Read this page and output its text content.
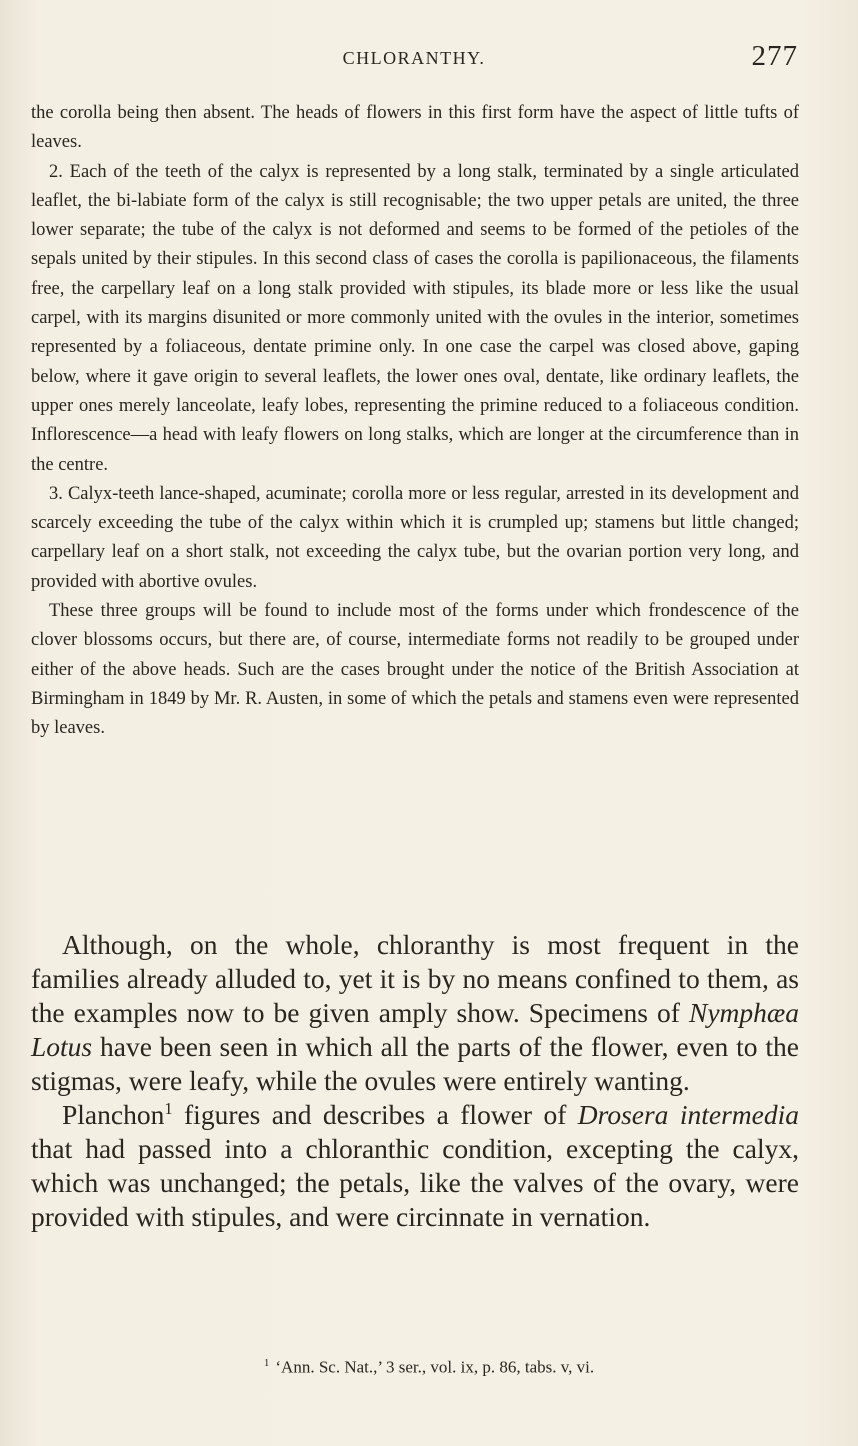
CHLORANTHY.	277

the corolla being then absent. The heads of flowers in this first form have the aspect of little tufts of leaves.

2. Each of the teeth of the calyx is represented by a long stalk, terminated by a single articulated leaflet, the bi-labiate form of the calyx is still recognisable; the two upper petals are united, the three lower separate; the tube of the calyx is not deformed and seems to be formed of the petioles of the sepals united by their stipules. In this second class of cases the corolla is papilionaceous, the filaments free, the carpellary leaf on a long stalk provided with stipules, its blade more or less like the usual carpel, with its margins disunited or more commonly united with the ovules in the interior, sometimes represented by a foliaceous, dentate primine only. In one case the carpel was closed above, gaping below, where it gave origin to several leaflets, the lower ones oval, dentate, like ordinary leaflets, the upper ones merely lanceolate, leafy lobes, representing the primine reduced to a foliaceous condition. Inflorescence—a head with leafy flowers on long stalks, which are longer at the circumference than in the centre.

3. Calyx-teeth lance-shaped, acuminate; corolla more or less regular, arrested in its development and scarcely exceeding the tube of the calyx within which it is crumpled up; stamens but little changed; carpellary leaf on a short stalk, not exceeding the calyx tube, but the ovarian portion very long, and provided with abortive ovules.

These three groups will be found to include most of the forms under which frondescence of the clover blossoms occurs, but there are, of course, intermediate forms not readily to be grouped under either of the above heads. Such are the cases brought under the notice of the British Association at Birmingham in 1849 by Mr. R. Austen, in some of which the petals and stamens even were represented by leaves.

Although, on the whole, chloranthy is most frequent in the families already alluded to, yet it is by no means confined to them, as the examples now to be given amply show. Specimens of Nymphæa Lotus have been seen in which all the parts of the flower, even to the stigmas, were leafy, while the ovules were entirely wanting.

Planchon$^1$ figures and describes a flower of Drosera intermedia that had passed into a chloranthic condition, excepting the calyx, which was unchanged; the petals, like the valves of the ovary, were provided with stipules, and were circinnate in vernation.

$^1$ ‘Ann. Sc. Nat.,’ 3 ser., vol. ix, p. 86, tabs. v, vi.
